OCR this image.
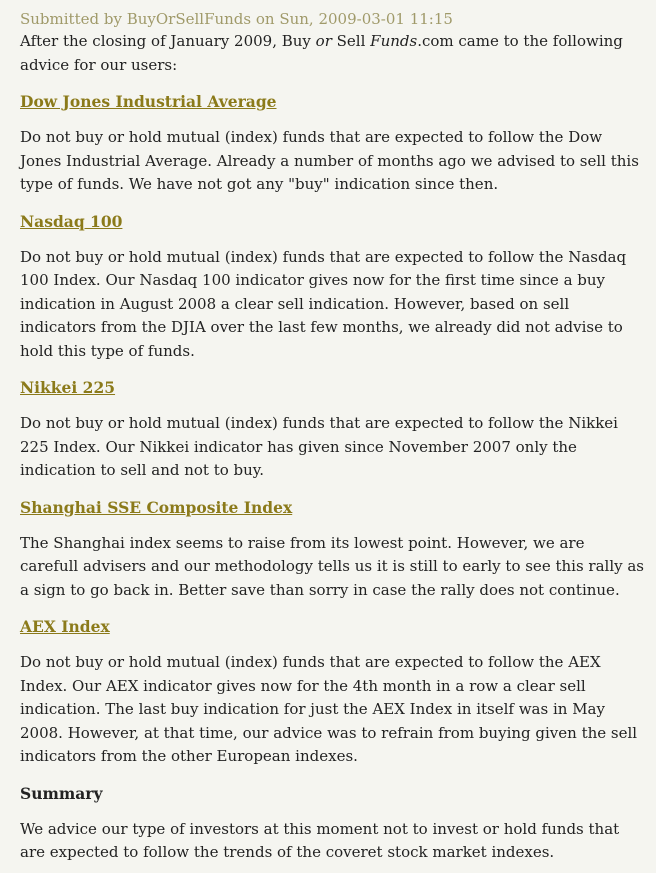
Submitted by BuyOrSellFunds on Sun, 2009-03-01 11:15

After the closing of January 2009, Buy or Sell Funds.com came to the following advice for our users:

Dow Jones Industrial Average

Do not buy or hold mutual (index) funds that are expected to follow the Dow Jones Industrial Average. Already a number of months ago we advised to sell this type of funds. We have not got any "buy" indication since then.

Nasdaq 100

Do not buy or hold mutual (index) funds that are expected to follow the Nasdaq 100 Index. Our Nasdaq 100 indicator gives now for the first time since a buy indication in August 2008 a clear sell indication. However, based on sell indicators from the DJIA over the last few months, we already did not advise to hold this type of funds.

Nikkei 225

Do not buy or hold mutual (index) funds that are expected to follow the Nikkei 225 Index. Our Nikkei indicator has given since November 2007 only the indication to sell and not to buy.

Shanghai SSE Composite Index

The Shanghai index seems to raise from its lowest point. However, we are carefull advisers and our methodology tells us it is still to early to see this rally as a sign to go back in. Better save than sorry in case the rally does not continue.

AEX Index

Do not buy or hold mutual (index) funds that are expected to follow the AEX Index. Our AEX indicator gives now for the 4th month in a row a clear sell indication. The last buy indication for just the AEX Index in itself was in May 2008. However, at that time, our advice was to refrain from buying given the sell indicators from the other European indexes.

Summary

We advice our type of investors at this moment not to invest or hold funds that are expected to follow the trends of the coveret stock market indexes.
